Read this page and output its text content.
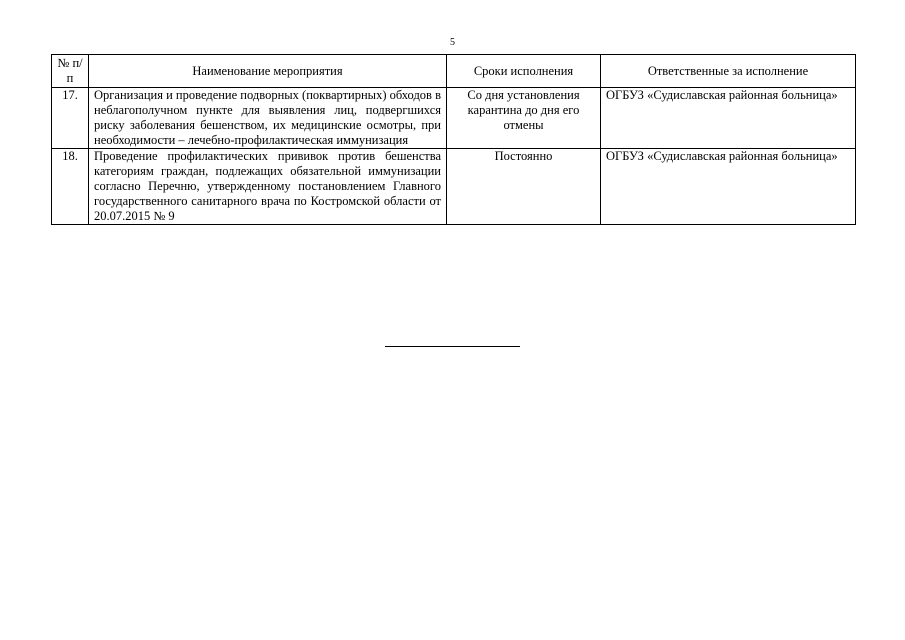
5
№ п/п	Наименование мероприятия	Сроки исполнения	Ответственные за исполнение
17.	Организация и проведение подворных (поквартирных) обходов в неблагополучном пункте для выявления лиц, подвергшихся риску заболевания бешенством, их медицинские осмотры, при необходимости – лечебно-профилактическая иммунизация	Со дня установления карантина до дня его отмены	ОГБУЗ «Судиславская районная больница»
18.	Проведение профилактических прививок против бешенства категориям граждан, подлежащих обязательной иммунизации согласно Перечню, утвержденному постановлением Главного государственного санитарного врача по Костромской области от 20.07.2015 № 9	Постоянно	ОГБУЗ «Судиславская районная больница»
